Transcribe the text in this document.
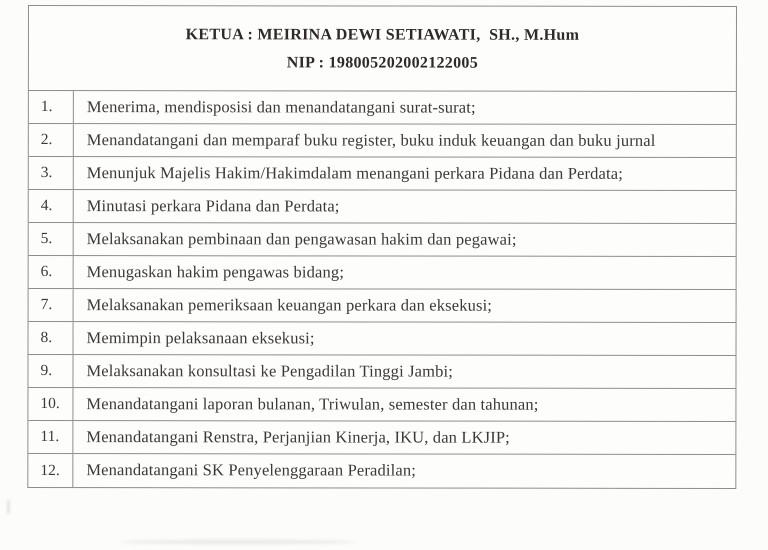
KETUA : MEIRINA DEWI SETIAWATI,  SH., M.Hum
NIP : 198005202002122005
1.	Menerima, mendisposisi dan menandatangani surat-surat;
2.	Menandatangani dan memparaf buku register, buku induk keuangan dan buku jurnal
3.	Menunjuk Majelis Hakim/Hakimdalam menangani perkara Pidana dan Perdata;
4.	Minutasi perkara Pidana dan Perdata;
5.	Melaksanakan pembinaan dan pengawasan hakim dan pegawai;
6.	Menugaskan hakim pengawas bidang;
7.	Melaksanakan pemeriksaan keuangan perkara dan eksekusi;
8.	Memimpin pelaksanaan eksekusi;
9.	Melaksanakan konsultasi ke Pengadilan Tinggi Jambi;
10.	Menandatangani laporan bulanan, Triwulan, semester dan tahunan;
11.	Menandatangani Renstra, Perjanjian Kinerja, IKU, dan LKJIP;
12.	Menandatangani SK Penyelenggaraan Peradilan;
